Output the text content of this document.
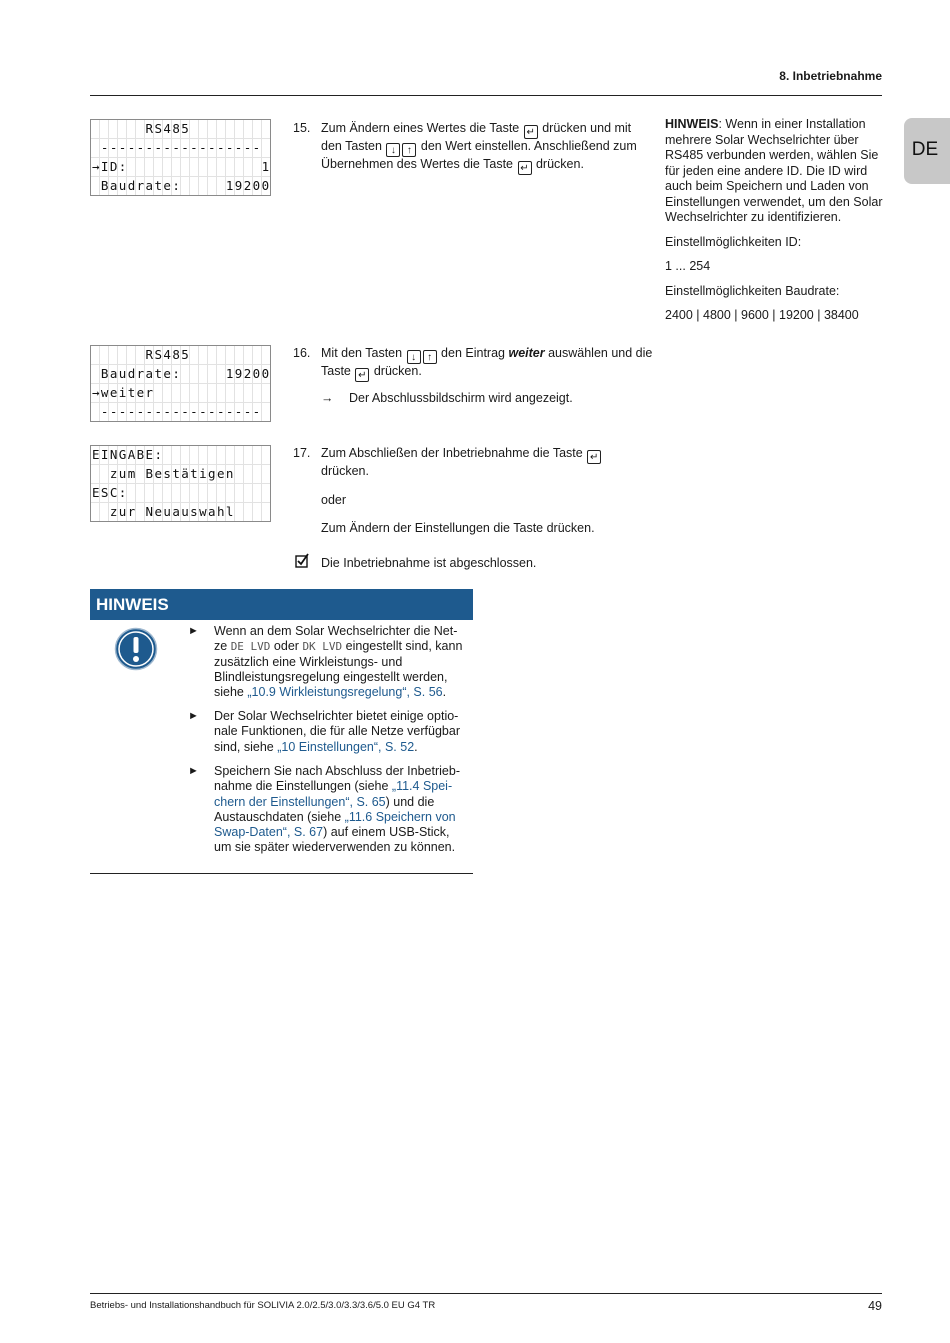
8. Inbetriebnahme
DE
RS485
------------------
→ID:               1
Baudrate:     19200
15. Zum Ändern eines Wertes die Taste ↵ drücken und mit den Tasten ↓ ↑ den Wert einstellen. Anschließend zum Übernehmen des Wertes die Taste ↵ drücken.

HINWEIS: Wenn in einer Installation mehrere Solar Wechselrichter über RS485 verbunden werden, wählen Sie für jeden eine andere ID. Die ID wird auch beim Speichern und Laden von Einstellungen verwendet, um den Solar Wechselrichter zu identifizieren.

Einstellmöglichkeiten ID:

1 ... 254

Einstellmöglichkeiten Baudrate:

2400 | 4800 | 9600 | 19200 | 38400

RS485
Baudrate:     19200
→weiter
------------------
16. Mit den Tasten ↓ ↑ den Eintrag weiter auswählen und die Taste ↵ drücken.
→ Der Abschlussbildschirm wird angezeigt.
EINGABE:
zum Bestätigen
ESC:
zur Neuauswahl
17. Zum Abschließen der Inbetriebnahme die Taste ↵ drücken.
oder
Zum Ändern der Einstellungen die Taste drücken.
Die Inbetriebnahme ist abgeschlossen.
HINWEIS
► Wenn an dem Solar Wechselrichter die Net-ze DE LVD oder DK LVD eingestellt sind, kann zusätzlich eine Wirkleistungs- und Blindleistungsregelung eingestellt werden, siehe „10.9 Wirkleistungsregelung“, S. 56.
► Der Solar Wechselrichter bietet einige optio-nale Funktionen, die für alle Netze verfügbar sind, siehe „10 Einstellungen“, S. 52.
► Speichern Sie nach Abschluss der Inbetrieb-nahme die Einstellungen (siehe „11.4 Spei-chern der Einstellungen“, S. 65) und die Austauschdaten (siehe „11.6 Speichern von Swap-Daten“, S. 67) auf einem USB-Stick, um sie später wiederverwenden zu können.
Betriebs- und Installationshandbuch für SOLIVIA 2.0/2.5/3.0/3.3/3.6/5.0 EU G4 TR	49
